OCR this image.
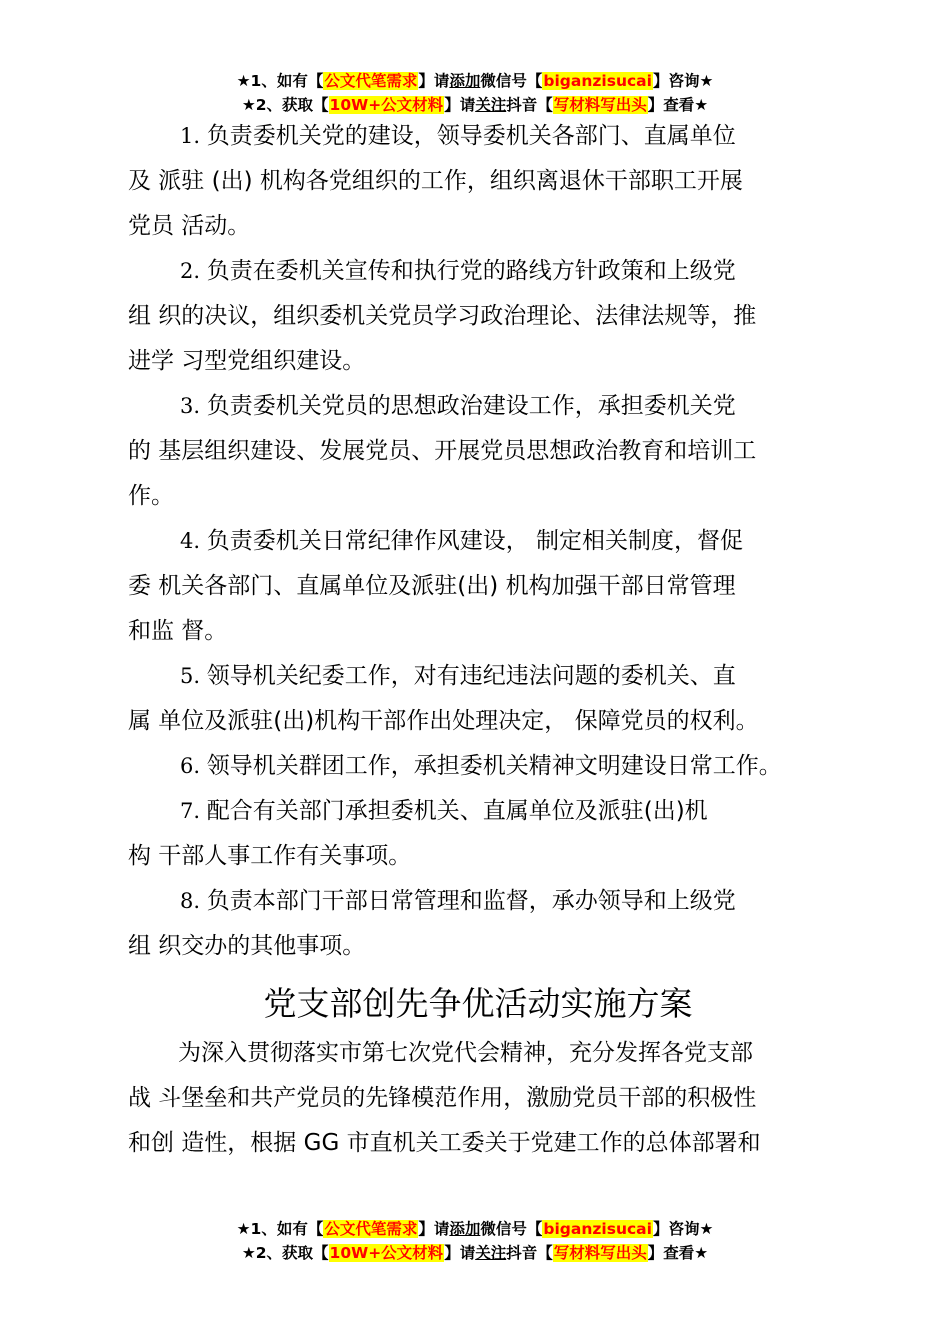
★1、如有【公文代笔需求】请添加微信号【biganzisucai】咨询★
★2、获取【10W+公文材料】请关注抖音【写材料写出头】查看★

1. 负责委机关党的建设，领导委机关各部门、直属单位
及 派驻 (出) 机构各党组织的工作，组织离退休干部职工开展
党员 活动。

2. 负责在委机关宣传和执行党的路线方针政策和上级党
组 织的决议，组织委机关党员学习政治理论、法律法规等，推
进学 习型党组织建设。

3. 负责委机关党员的思想政治建设工作，承担委机关党
的 基层组织建设、发展党员、开展党员思想政治教育和培训工
作。

4. 负责委机关日常纪律作风建设， 制定相关制度，督促
委 机关各部门、直属单位及派驻(出) 机构加强干部日常管理
和监 督。

5. 领导机关纪委工作，对有违纪违法问题的委机关、直
属 单位及派驻(出)机构干部作出处理决定， 保障党员的权利。

6. 领导机关群团工作，承担委机关精神文明建设日常工作。

7. 配合有关部门承担委机关、直属单位及派驻(出)机
构 干部人事工作有关事项。

8. 负责本部门干部日常管理和监督，承办领导和上级党
组 织交办的其他事项。

党支部创先争优活动实施方案

为深入贯彻落实市第七次党代会精神，充分发挥各党支部
战 斗堡垒和共产党员的先锋模范作用，激励党员干部的积极性
和创 造性，根据 GG 市直机关工委关于党建工作的总体部署和

★1、如有【公文代笔需求】请添加微信号【biganzisucai】咨询★
★2、获取【10W+公文材料】请关注抖音【写材料写出头】查看★
